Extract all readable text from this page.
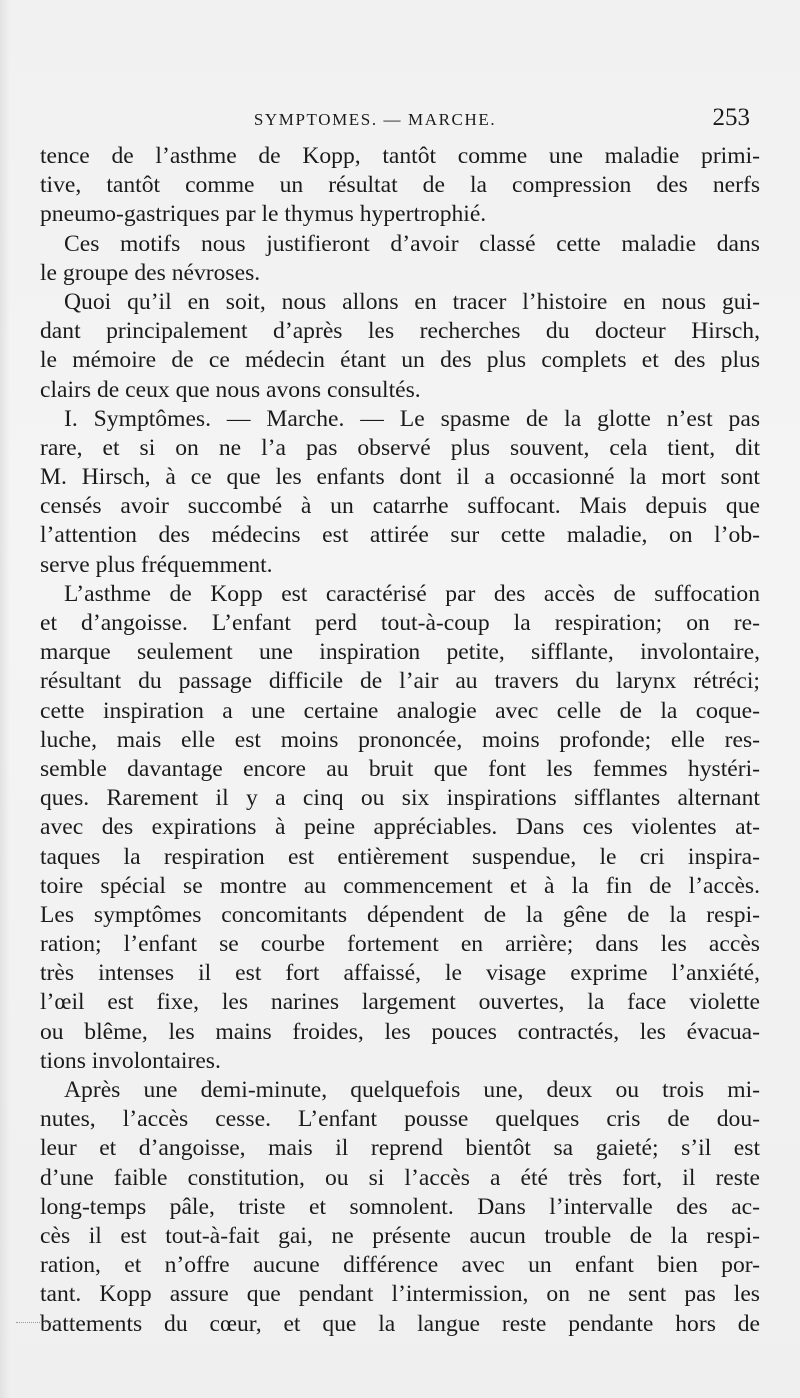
SYMPTOMES. — MARCHE.	253
tence de l’asthme de Kopp, tantôt comme une maladie primi-
tive, tantôt comme un résultat de la compression des nerfs
pneumo-gastriques par le thymus hypertrophié.
Ces motifs nous justifieront d’avoir classé cette maladie dans
le groupe des névroses.
Quoi qu’il en soit, nous allons en tracer l’histoire en nous gui-
dant principalement d’après les recherches du docteur Hirsch,
le mémoire de ce médecin étant un des plus complets et des plus
clairs de ceux que nous avons consultés.
I. Symptômes. — Marche. — Le spasme de la glotte n’est pas
rare, et si on ne l’a pas observé plus souvent, cela tient, dit
M. Hirsch, à ce que les enfants dont il a occasionné la mort sont
censés avoir succombé à un catarrhe suffocant. Mais depuis que
l’attention des médecins est attirée sur cette maladie, on l’ob-
serve plus fréquemment.
L’asthme de Kopp est caractérisé par des accès de suffocation
et d’angoisse. L’enfant perd tout-à-coup la respiration; on re-
marque seulement une inspiration petite, sifflante, involontaire,
résultant du passage difficile de l’air au travers du larynx rétréci;
cette inspiration a une certaine analogie avec celle de la coque-
luche, mais elle est moins prononcée, moins profonde; elle res-
semble davantage encore au bruit que font les femmes hystéri-
ques. Rarement il y a cinq ou six inspirations sifflantes alternant
avec des expirations à peine appréciables. Dans ces violentes at-
taques la respiration est entièrement suspendue, le cri inspira-
toire spécial se montre au commencement et à la fin de l’accès.
Les symptômes concomitants dépendent de la gêne de la respi-
ration; l’enfant se courbe fortement en arrière; dans les accès
très intenses il est fort affaissé, le visage exprime l’anxiété,
l’œil est fixe, les narines largement ouvertes, la face violette
ou blême, les mains froides, les pouces contractés, les évacua-
tions involontaires.
Après une demi-minute, quelquefois une, deux ou trois mi-
nutes, l’accès cesse. L’enfant pousse quelques cris de dou-
leur et d’angoisse, mais il reprend bientôt sa gaieté; s’il est
d’une faible constitution, ou si l’accès a été très fort, il reste
long-temps pâle, triste et somnolent. Dans l’intervalle des ac-
cès il est tout-à-fait gai, ne présente aucun trouble de la respi-
ration, et n’offre aucune différence avec un enfant bien por-
tant. Kopp assure que pendant l’intermission, on ne sent pas les
battements du cœur, et que la langue reste pendante hors de
